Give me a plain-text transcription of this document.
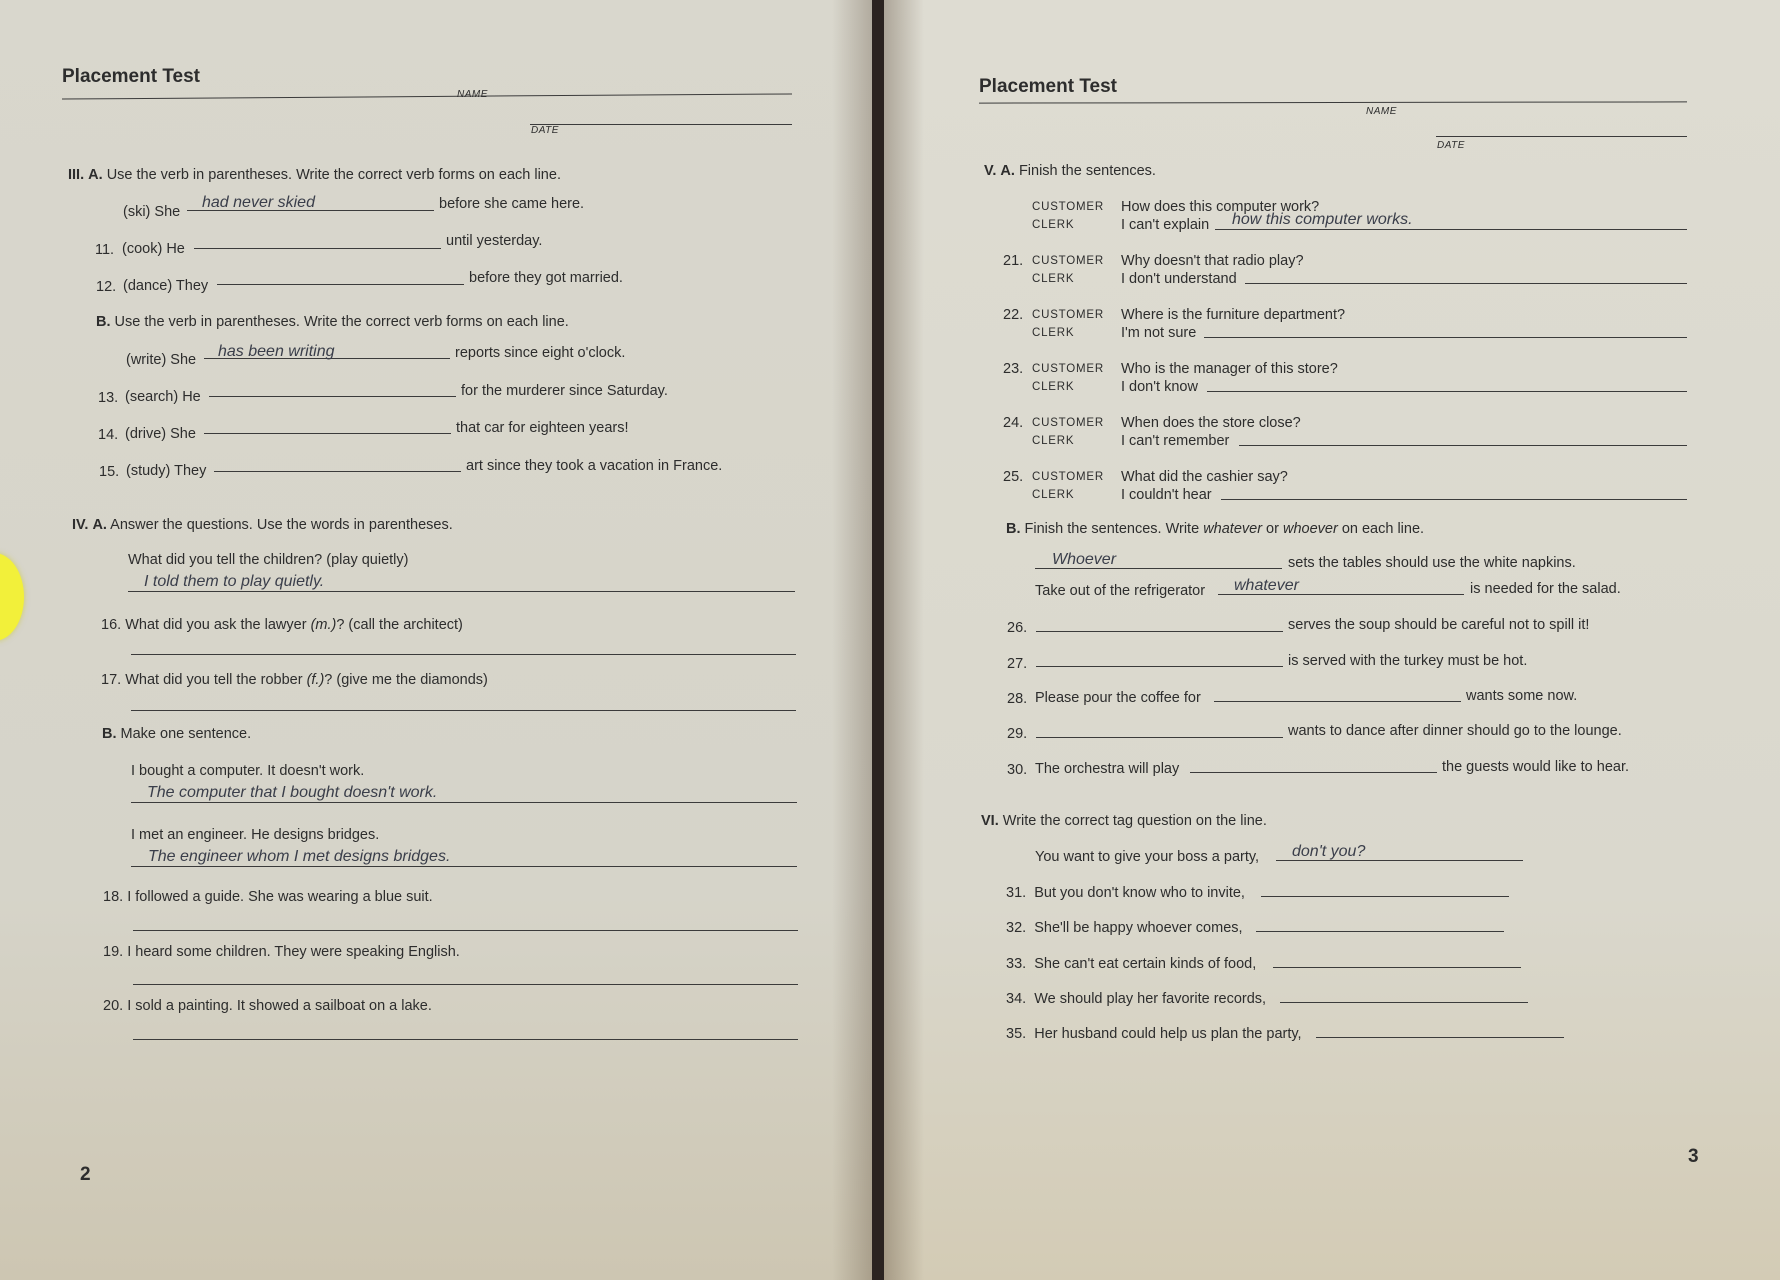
Placement Test
NAME
DATE
III. A. Use the verb in parentheses. Write the correct verb forms on each line.
(ski) She
had never skied	before she came here.
11. (cook) He	until yesterday.
12. (dance) They	before they got married.
B. Use the verb in parentheses. Write the correct verb forms on each line.
(write) She has been writing	reports since eight o'clock.
13. (search) He	for the murderer since Saturday.
14. (drive) She	that car for eighteen years!
15. (study) They	art since they took a vacation in France.
IV. A. Answer the questions. Use the words in parentheses.
What did you tell the children? (play quietly)
I told them to play quietly.
16. What did you ask the lawyer (m.)? (call the architect)
17. What did you tell the robber (f.)? (give me the diamonds)
B. Make one sentence.
I bought a computer. It doesn't work.
The computer that I bought doesn't work.
I met an engineer. He designs bridges.
The engineer whom I met designs bridges.
18. I followed a guide. She was wearing a blue suit.
19. I heard some children. They were speaking English.
20. I sold a painting. It showed a sailboat on a lake.
2
Placement Test
NAME
DATE
V. A. Finish the sentences.
CUSTOMER How does this computer work?
CLERK	I can't explain how this computer works.
21. CUSTOMER Why doesn't that radio play?
CLERK	I don't understand
22. CUSTOMER Where is the furniture department?
CLERK	I'm not sure
23. CUSTOMER Who is the manager of this store?
CLERK	I don't know
24. CUSTOMER When does the store close?
CLERK	I can't remember
25. CUSTOMER What did the cashier say?
CLERK	I couldn't hear
B. Finish the sentences. Write whatever or whoever on each line.
Whoever	sets the tables should use the white napkins.
Take out of the refrigerator whatever	is needed for the salad.
26.	serves the soup should be careful not to spill it!
27.	is served with the turkey must be hot.
28. Please pour the coffee for	wants some now.
29.	wants to dance after dinner should go to the lounge.
30. The orchestra will play	the guests would like to hear.
VI. Write the correct tag question on the line.
You want to give your boss a party, don't you?
31. But you don't know who to invite,
32. She'll be happy whoever comes,
33. She can't eat certain kinds of food,
34. We should play her favorite records,
35. Her husband could help us plan the party,
3
